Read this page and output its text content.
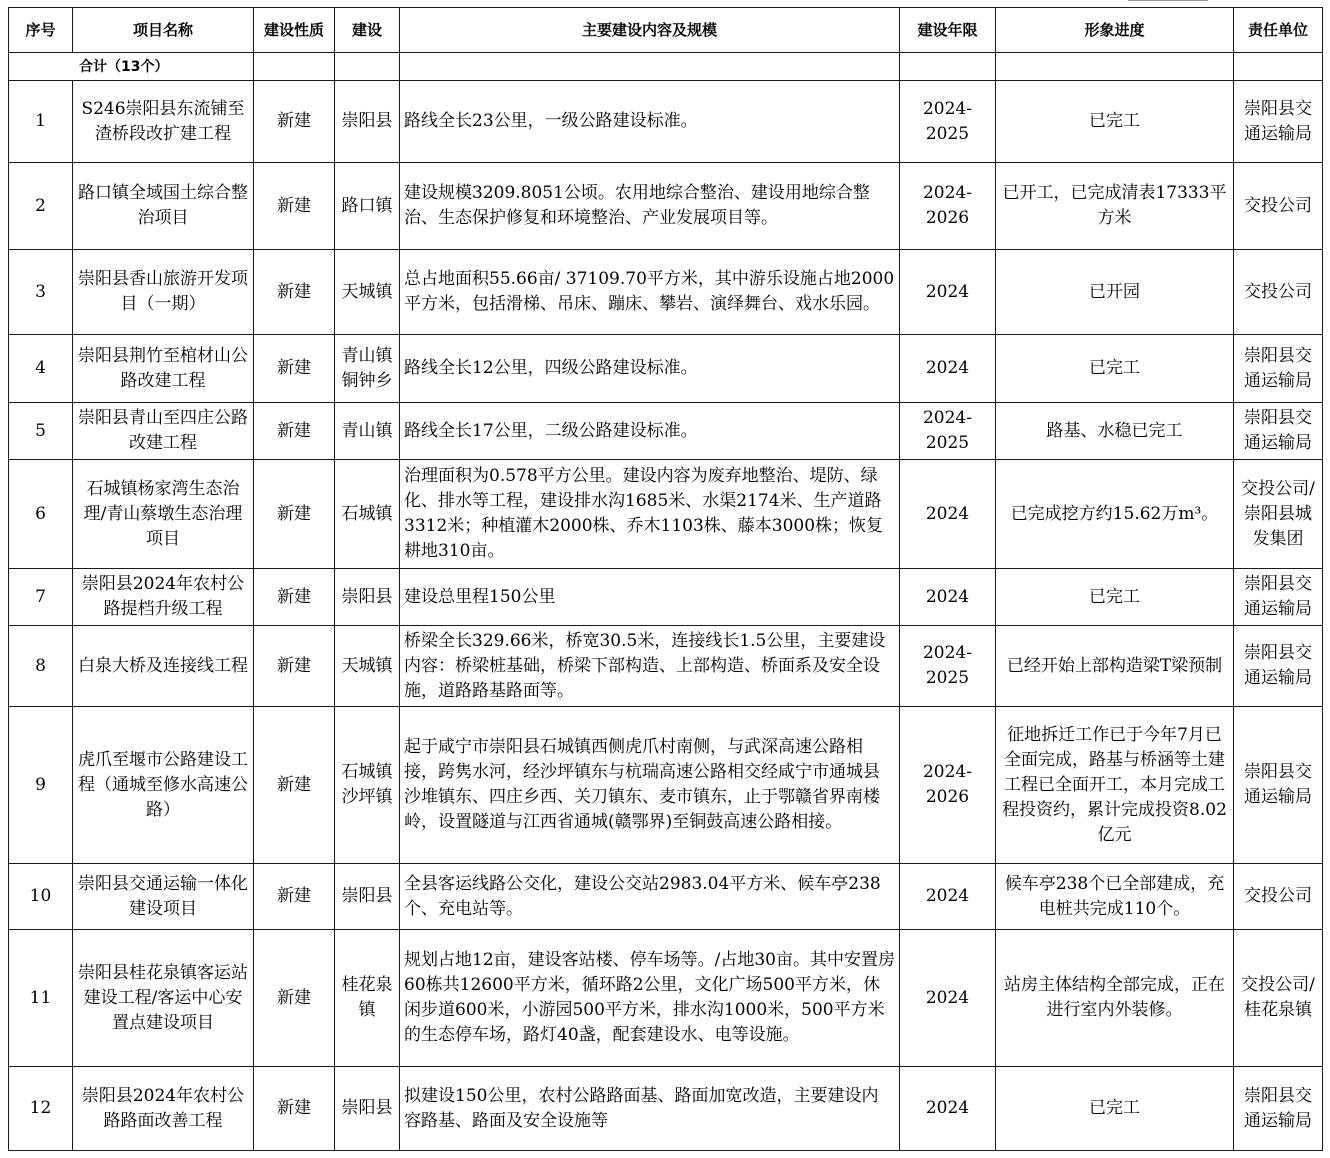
序号	项目名称	建设性质	建设	主要建设内容及规模	建设年限	形象进度	责任单位
合计（13个）							
1	S246崇阳县东流铺至渣桥段改扩建工程	新建	崇阳县	路线全长23公里，一级公路建设标准。	2024-2025	已完工	崇阳县交通运输局
2	路口镇全域国土综合整治项目	新建	路口镇	建设规模3209.8051公顷。农用地综合整治、建设用地综合整治、生态保护修复和环境整治、产业发展项目等。	2024-2026	已开工，已完成清表17333平方米	交投公司
3	崇阳县香山旅游开发项目（一期）	新建	天城镇	总占地面积55.66亩/ 37109.70平方米，其中游乐设施占地2000平方米，包括滑梯、吊床、蹦床、攀岩、演绎舞台、戏水乐园。	2024	已开园	交投公司
4	崇阳县荆竹至棺材山公路改建工程	新建	青山镇铜钟乡	路线全长12公里，四级公路建设标准。	2024	已完工	崇阳县交通运输局
5	崇阳县青山至四庄公路改建工程	新建	青山镇	路线全长17公里，二级公路建设标准。	2024-2025	路基、水稳已完工	崇阳县交通运输局
6	石城镇杨家湾生态治理/青山蔡墩生态治理项目	新建	石城镇	治理面积为0.578平方公里。建设内容为废弃地整治、堤防、绿化、排水等工程，建设排水沟1685米、水渠2174米、生产道路3312米；种植灌木2000株、乔木1103株、藤本3000株；恢复耕地310亩。	2024	已完成挖方约15.62万m³。	交投公司/崇阳县城发集团
7	崇阳县2024年农村公路提档升级工程	新建	崇阳县	建设总里程150公里	2024	已完工	崇阳县交通运输局
8	白泉大桥及连接线工程	新建	天城镇	桥梁全长329.66米，桥宽30.5米，连接线长1.5公里，主要建设内容：桥梁桩基础，桥梁下部构造、上部构造、桥面系及安全设施，道路路基路面等。	2024-2025	已经开始上部构造梁T梁预制	崇阳县交通运输局
9	虎爪至堰市公路建设工程（通城至修水高速公路）	新建	石城镇沙坪镇	起于咸宁市崇阳县石城镇西侧虎爪村南侧，与武深高速公路相接，跨隽水河，经沙坪镇东与杭瑞高速公路相交经咸宁市通城县沙堆镇东、四庄乡西、关刀镇东、麦市镇东，止于鄂赣省界南楼岭，设置隧道与江西省通城(赣鄂界)至铜鼓高速公路相接。	2024-2026	征地拆迁工作已于今年7月已全面完成，路基与桥涵等土建工程已全面开工，本月完成工程投资约，累计完成投资8.02亿元	崇阳县交通运输局
10	崇阳县交通运输一体化建设项目	新建	崇阳县	全县客运线路公交化，建设公交站2983.04平方米、候车亭238个、充电站等。	2024	候车亭238个已全部建成，充电桩共完成110个。	交投公司
11	崇阳县桂花泉镇客运站建设工程/客运中心安置点建设项目	新建	桂花泉镇	规划占地12亩，建设客站楼、停车场等。/占地30亩。其中安置房60栋共12600平方米，循环路2公里，文化广场500平方米，休闲步道600米，小游园500平方米，排水沟1000米，500平方米的生态停车场，路灯40盏，配套建设水、电等设施。	2024	站房主体结构全部完成，正在进行室内外装修。	交投公司/桂花泉镇
12	崇阳县2024年农村公路路面改善工程	新建	崇阳县	拟建设150公里，农村公路路面基、路面加宽改造，主要建设内容路基、路面及安全设施等	2024	已完工	崇阳县交通运输局
